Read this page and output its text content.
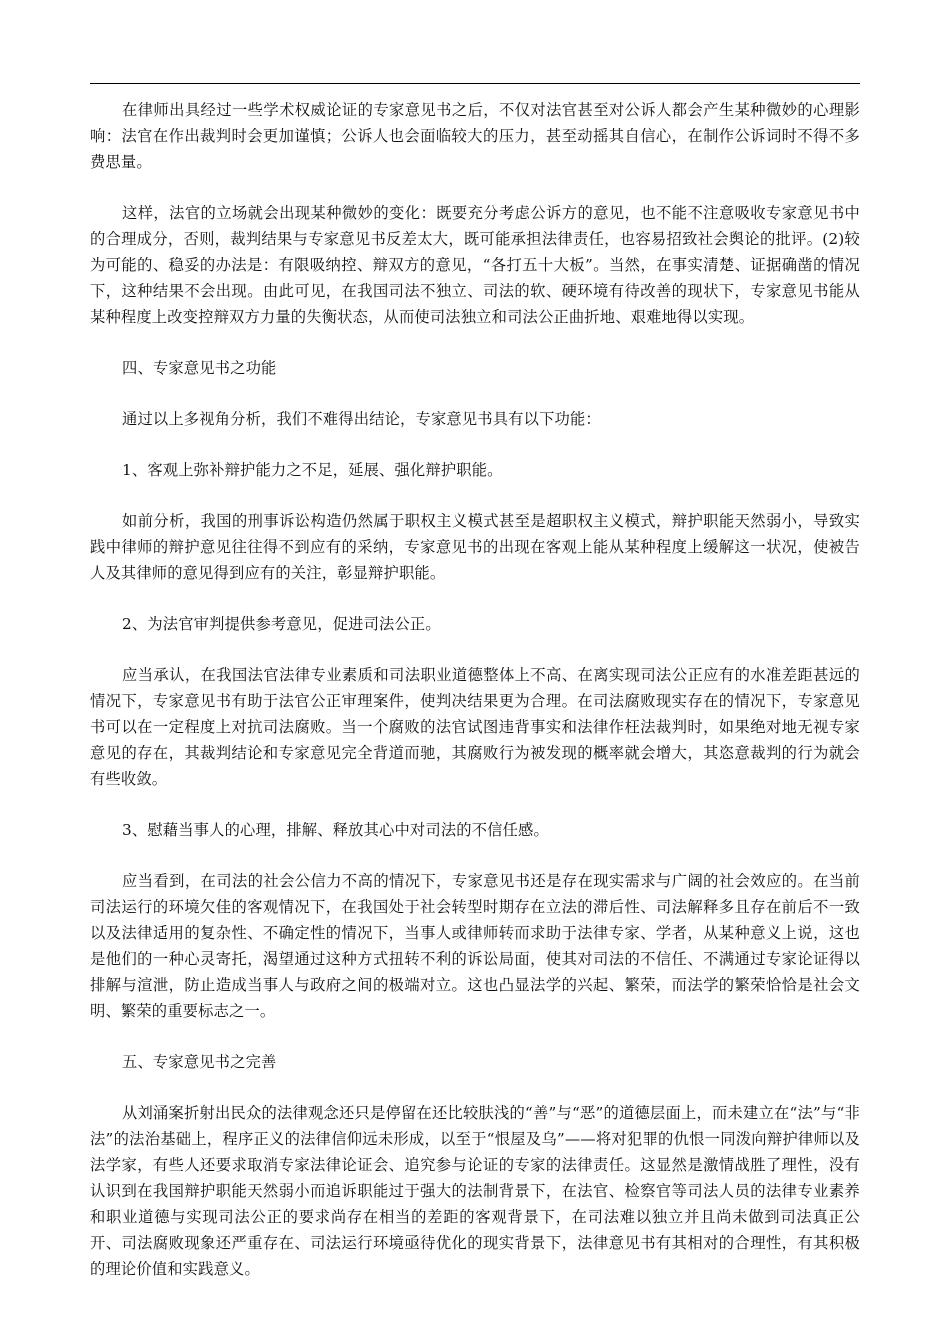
在律师出具经过一些学术权威论证的专家意见书之后，不仅对法官甚至对公诉人都会产生某种微妙的心理影响：法官在作出裁判时会更加谨慎；公诉人也会面临较大的压力，甚至动摇其自信心，在制作公诉词时不得不多费思量。

这样，法官的立场就会出现某种微妙的变化：既要充分考虑公诉方的意见，也不能不注意吸收专家意见书中的合理成分，否则，裁判结果与专家意见书反差太大，既可能承担法律责任，也容易招致社会舆论的批评。(2)较为可能的、稳妥的办法是：有限吸纳控、辩双方的意见，“各打五十大板”。当然，在事实清楚、证据确凿的情况下，这种结果不会出现。由此可见，在我国司法不独立、司法的软、硬环境有待改善的现状下，专家意见书能从某种程度上改变控辩双方力量的失衡状态，从而使司法独立和司法公正曲折地、艰难地得以实现。

四、专家意见书之功能

通过以上多视角分析，我们不难得出结论，专家意见书具有以下功能：

1、客观上弥补辩护能力之不足，延展、强化辩护职能。

如前分析，我国的刑事诉讼构造仍然属于职权主义模式甚至是超职权主义模式，辩护职能天然弱小，导致实践中律师的辩护意见往往得不到应有的采纳，专家意见书的出现在客观上能从某种程度上缓解这一状况，使被告人及其律师的意见得到应有的关注，彰显辩护职能。

2、为法官审判提供参考意见，促进司法公正。

应当承认，在我国法官法律专业素质和司法职业道德整体上不高、在离实现司法公正应有的水准差距甚远的情况下，专家意见书有助于法官公正审理案件，使判决结果更为合理。在司法腐败现实存在的情况下，专家意见书可以在一定程度上对抗司法腐败。当一个腐败的法官试图违背事实和法律作枉法裁判时，如果绝对地无视专家意见的存在，其裁判结论和专家意见完全背道而驰，其腐败行为被发现的概率就会增大，其恣意裁判的行为就会有些收敛。

3、慰藉当事人的心理，排解、释放其心中对司法的不信任感。

应当看到，在司法的社会公信力不高的情况下，专家意见书还是存在现实需求与广阔的社会效应的。在当前司法运行的环境欠佳的客观情况下，在我国处于社会转型时期存在立法的滞后性、司法解释多且存在前后不一致以及法律适用的复杂性、不确定性的情况下，当事人或律师转而求助于法律专家、学者，从某种意义上说，这也是他们的一种心灵寄托，渴望通过这种方式扭转不利的诉讼局面，使其对司法的不信任、不满通过专家论证得以排解与渲泄，防止造成当事人与政府之间的极端对立。这也凸显法学的兴起、繁荣，而法学的繁荣恰恰是社会文明、繁荣的重要标志之一。

五、专家意见书之完善

从刘涌案折射出民众的法律观念还只是停留在还比较肤浅的“善”与“恶”的道德层面上，而未建立在“法”与“非法”的法治基础上，程序正义的法律信仰远未形成，以至于“恨屋及乌”——将对犯罪的仇恨一同泼向辩护律师以及法学家，有些人还要求取消专家法律论证会、追究参与论证的专家的法律责任。这显然是激情战胜了理性，没有认识到在我国辩护职能天然弱小而追诉职能过于强大的法制背景下，在法官、检察官等司法人员的法律专业素养和职业道德与实现司法公正的要求尚存在相当的差距的客观背景下，在司法难以独立并且尚未做到司法真正公开、司法腐败现象还严重存在、司法运行环境亟待优化的现实背景下，法律意见书有其相对的合理性，有其积极的理论价值和实践意义。
